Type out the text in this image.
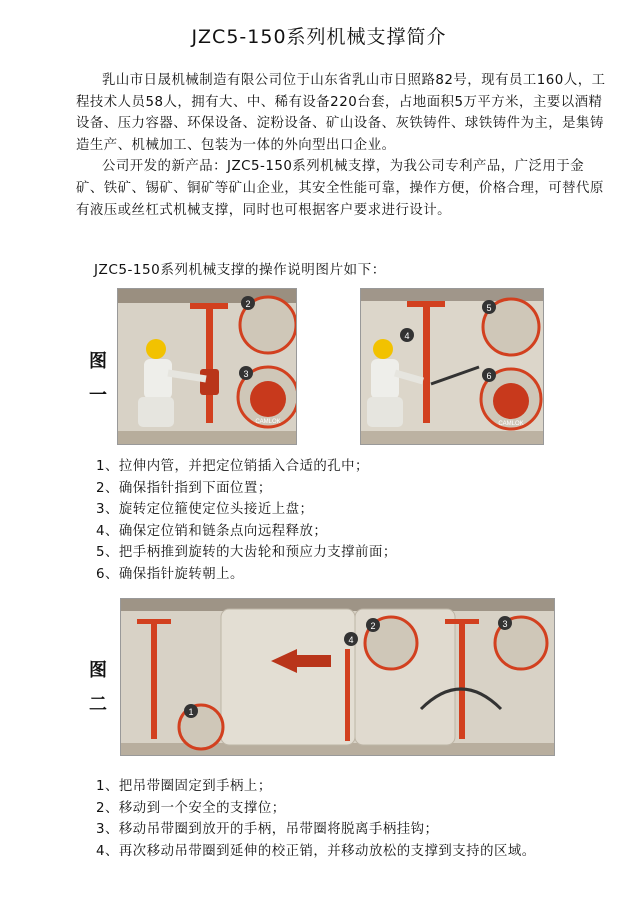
JZC5-150系列机械支撑简介
乳山市日晟机械制造有限公司位于山东省乳山市日照路82号，现有员工160人，工程技术人员58人，拥有大、中、稀有设备220台套，占地面积5万平方米，主要以酒精设备、压力容器、环保设备、淀粉设备、矿山设备、灰铁铸件、球铁铸件为主，是集铸造生产、机械加工、包装为一体的外向型出口企业。
公司开发的新产品：JZC5-150系列机械支撑，为我公司专利产品，广泛用于金矿、铁矿、锡矿、铜矿等矿山企业，其安全性能可靠，操作方便，价格合理，可替代原有液压或丝杠式机械支撑，同时也可根据客户要求进行设计。
JZC5-150系列机械支撑的操作说明图片如下：
图
一
2
CAMLOK
3
CAMLOK
4
5
6
1、拉伸内管，并把定位销插入合适的孔中；
2、确保指针指到下面位置；
3、旋转定位箍使定位头接近上盘；
4、确保定位销和链条点向远程释放；
5、把手柄推到旋转的大齿轮和预应力支撑前面；
6、确保指针旋转朝上。
图
二	1
2	3
4
1、把吊带圈固定到手柄上；
2、移动到一个安全的支撑位；
3、移动吊带圈到放开的手柄，吊带圈将脱离手柄挂钩；
4、再次移动吊带圈到延伸的校正销，并移动放松的支撑到支持的区域。
